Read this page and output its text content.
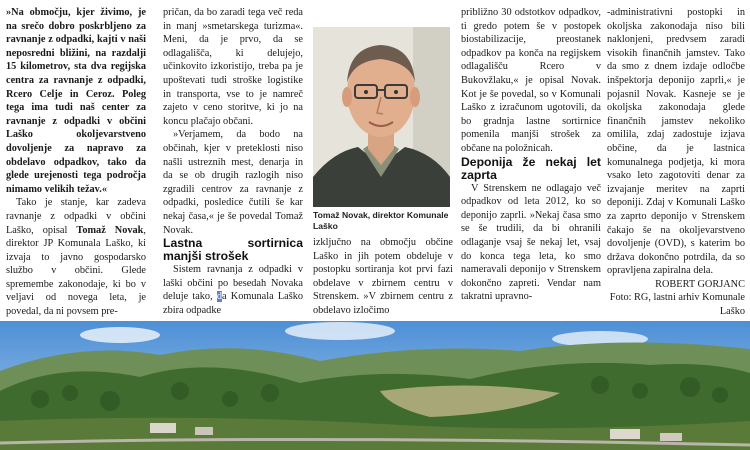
»Na območju, kjer živimo, je na srečo dobro poskrbljeno za ravnanje z odpadki, kajti v naši neposredni bližini, na razdalji 15 kilometrov, sta dva regijska centra za ravnanje z odpadki, Rcero Celje in Ceroz. Poleg tega ima tudi naš center za ravnanje z odpadki v občini Laško okoljevarstveno dovoljenje za napravo za obdelavo odpadkov, tako da glede urejenosti tega področja nimamo velikih težav.«

Tako je stanje, kar zadeva ravnanje z odpadki v občini Laško, opisal Tomaž Novak, direktor JP Komunala Laško, ki izvaja to javno gospodarsko službo v občini. Glede spremembe zakonodaje, ki bo v veljavi od novega leta, je povedal, da ni povsem pre-

pričan, da bo zaradi tega več reda in manj »smetarskega turizma«. Meni, da je prvo, da se odlagališča, ki delujejo, učinkovito izkoristijo, treba pa je upoštevati tudi stroške logistike in transporta, vse to je namreč zajeto v ceno storitve, ki jo na koncu plačajo občani.

»Verjamem, da bodo na občinah, kjer v preteklosti niso našli ustreznih mest, denarja in da se ob drugih razlogih niso zgradili centrov za ravnanje z odpadki, posledice čutili še kar nekaj časa,« je še povedal Tomaž Novak.

Lastna sortirnica manjši strošek

Sistem ravnanja z odpadki v laški občini po besedah Novaka deluje tako, da Komunala Laško zbira odpadke

Tomaž Novak, direktor Komunale Laško

izključno na območju občine Laško in jih potem obdeluje v postopku sortiranja kot prvi fazi obdelave v zbirnem centru v Strenskem. »V zbirnem centru z obdelavo izločimo

približno 30 odstotkov odpadkov, ti gredo potem še v postopek biostabilizacije, preostanek odpadkov pa konča na regijskem odlagališču Rcero v Bukovžlaku,« je opisal Novak. Kot je še povedal, so v Komunali Laško z izračunom ugotovili, da bo gradnja lastne sortirnice pomenila manjši strošek za občane na položnicah.

Deponija že nekaj let zaprta

V Strenskem ne odlagajo več odpadkov od leta 2012, ko so deponijo zaprli. »Nekaj časa smo se še trudili, da bi ohranili odlaganje vsaj še nekaj let, vsaj do konca tega leta, ko smo nameravali deponijo v Strenskem dokončno zapreti. Vendar nam takratni upravno-

-administrativni postopki in okoljska zakonodaja niso bili naklonjeni, predvsem zaradi visokih finančnih jamstev. Tako da smo z dnem izdaje odločbe inšpektorja deponijo zaprli,« je pojasnil Novak. Kasneje se je okoljska zakonodaja glede finančnih jamstev nekoliko omilila, zdaj zadostuje izjava občine, da je lastnica komunalnega podjetja, ki mora vsako leto zagotoviti denar za izvajanje meritev na zaprti deponiji. Zdaj v Komunali Laško za zaprto deponijo v Strenskem čakajo še na okoljevarstveno dovoljenje (OVD), s katerim bo država dokončno potrdila, da so opravljena zapiralna dela.

ROBERT GORJANC

Foto: RG, lastni arhiv Komunale Laško
